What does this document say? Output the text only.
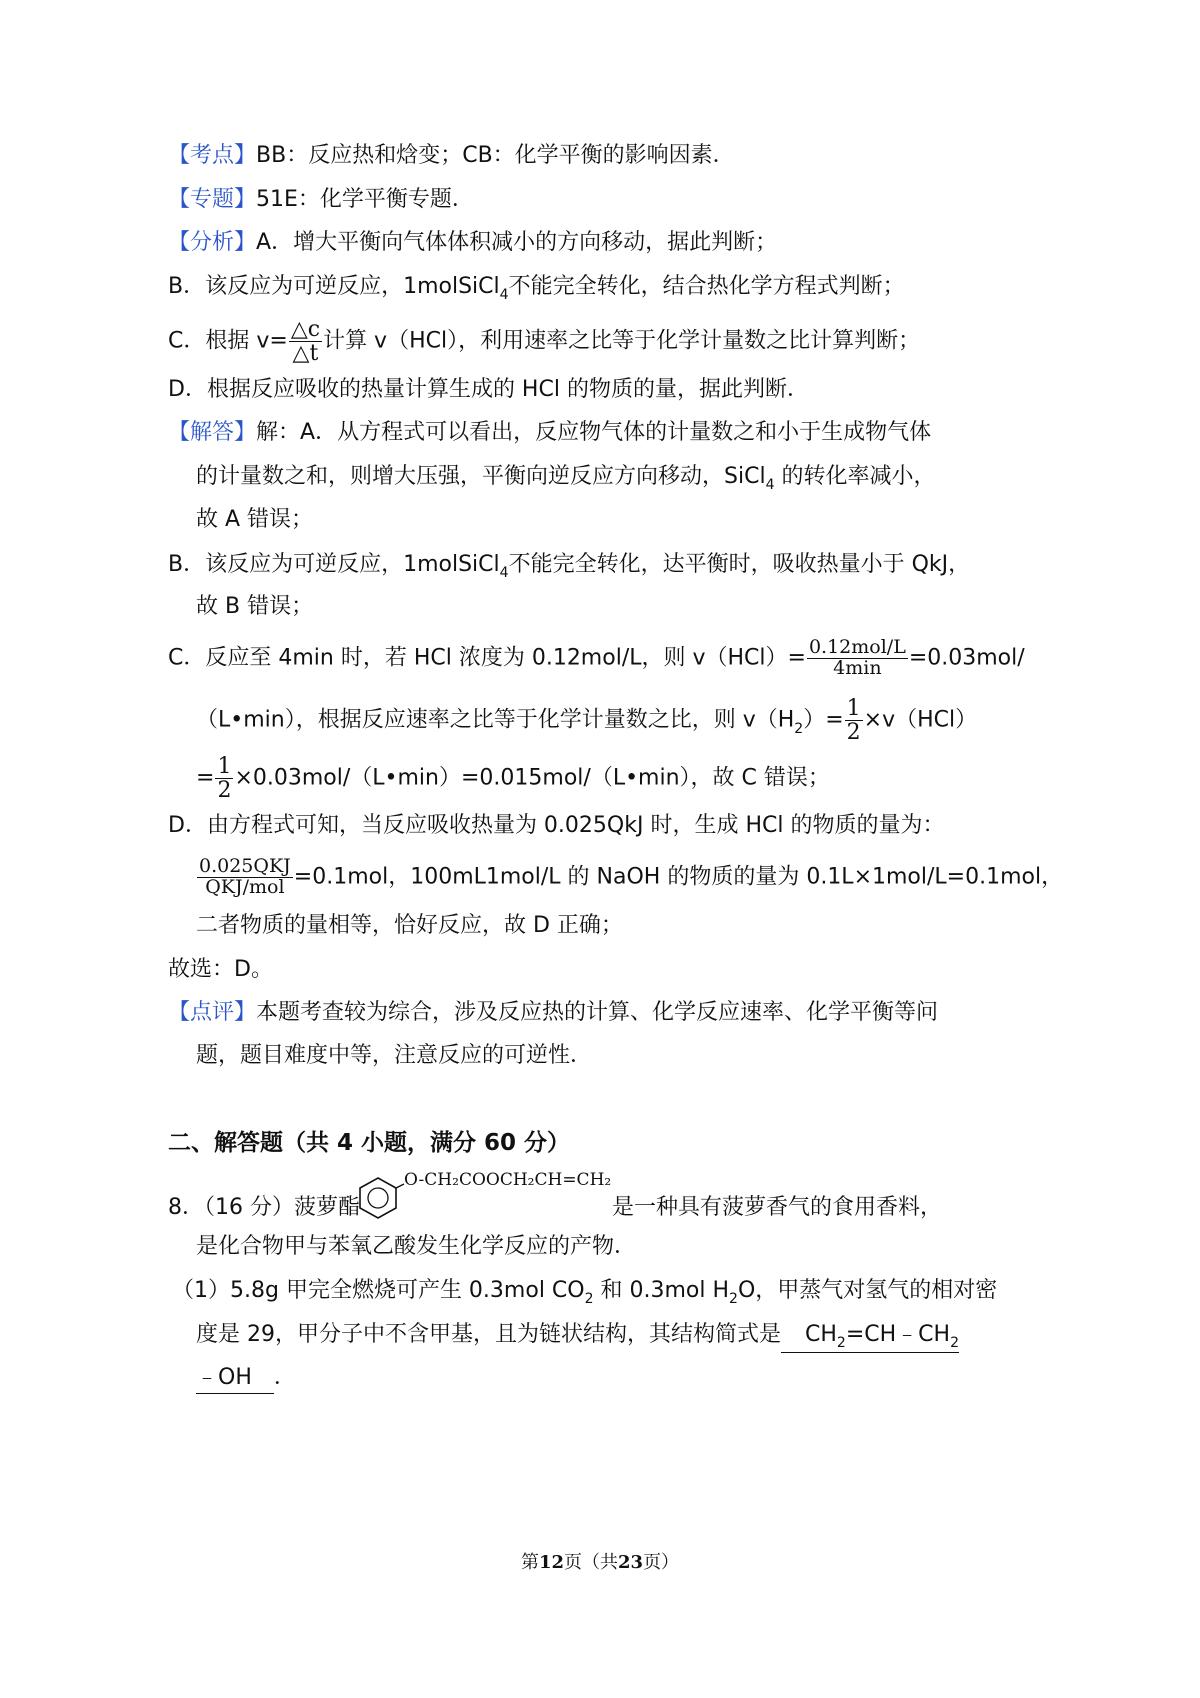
【考点】BB：反应热和焓变；CB：化学平衡的影响因素．
【专题】51E：化学平衡专题．
【分析】A．增大平衡向气体体积减小的方向移动，据此判断；
B．该反应为可逆反应，1molSiCl$_4$不能完全转化，结合热化学方程式判断；
C．根据 $v= \frac{\triangle c}{\triangle t}$ 计算 v（HCl），利用速率之比等于化学计量数之比计算判断；
D．根据反应吸收的热量计算生成的 HCl 的物质的量，据此判断．
【解答】解：A．从方程式可以看出，反应物气体的计量数之和小于生成物气体
的计量数之和，则增大压强，平衡向逆反应方向移动，SiCl$_4$ 的转化率减小，
故 A 错误；
B．该反应为可逆反应，1molSiCl$_4$不能完全转化，达平衡时，吸收热量小于 QkJ，
故 B 错误；
C．反应至 4min 时，若 HCl 浓度为 0.12mol/L，则 $v(HCl)= \frac{\text{0.12mol/L}}{4\min} =0.03mol/$
（L•min），根据反应速率之比等于化学计量数之比，则 $v(H_2)= \frac{1}{2} \times v(HCl)$
= $\frac{1}{2}$ ×0.03mol/（L•min）=0.015mol/（L•min），故 C 错误；
D．由方程式可知，当反应吸收热量为 0.025QkJ 时，生成 HCl 的物质的量为：
$\frac{\text{0.025QKJ}}{\text{QKJ/mol}} =0.1mol$，100mL1mol/L 的 NaOH 的物质的量为 0.1L×1mol/L=0.1mol，
二者物质的量相等，恰好反应，故 D 正确；
故选：D。
【点评】本题考查较为综合，涉及反应热的计算、化学反应速率、化学平衡等问
题，题目难度中等，注意反应的可逆性．
二、解答题（共 4 小题，满分 60 分）
8．（16 分）菠萝酯
O-CH₂COOCH₂CH=CH₂
是一种具有菠萝香气的食用香料，
是化合物甲与苯氧乙酸发生化学反应的产物．
（1）5.8g 甲完全燃烧可产生 0.3mol $CO_2$ 和 0.3mol $H_2O$，甲蒸气对氢气的相对密
度是 29，甲分子中不含甲基，且为链状结构，其结构简式是 $CH_2=CH﹣CH_2$
﹣OH ．
第12页（共23页）
